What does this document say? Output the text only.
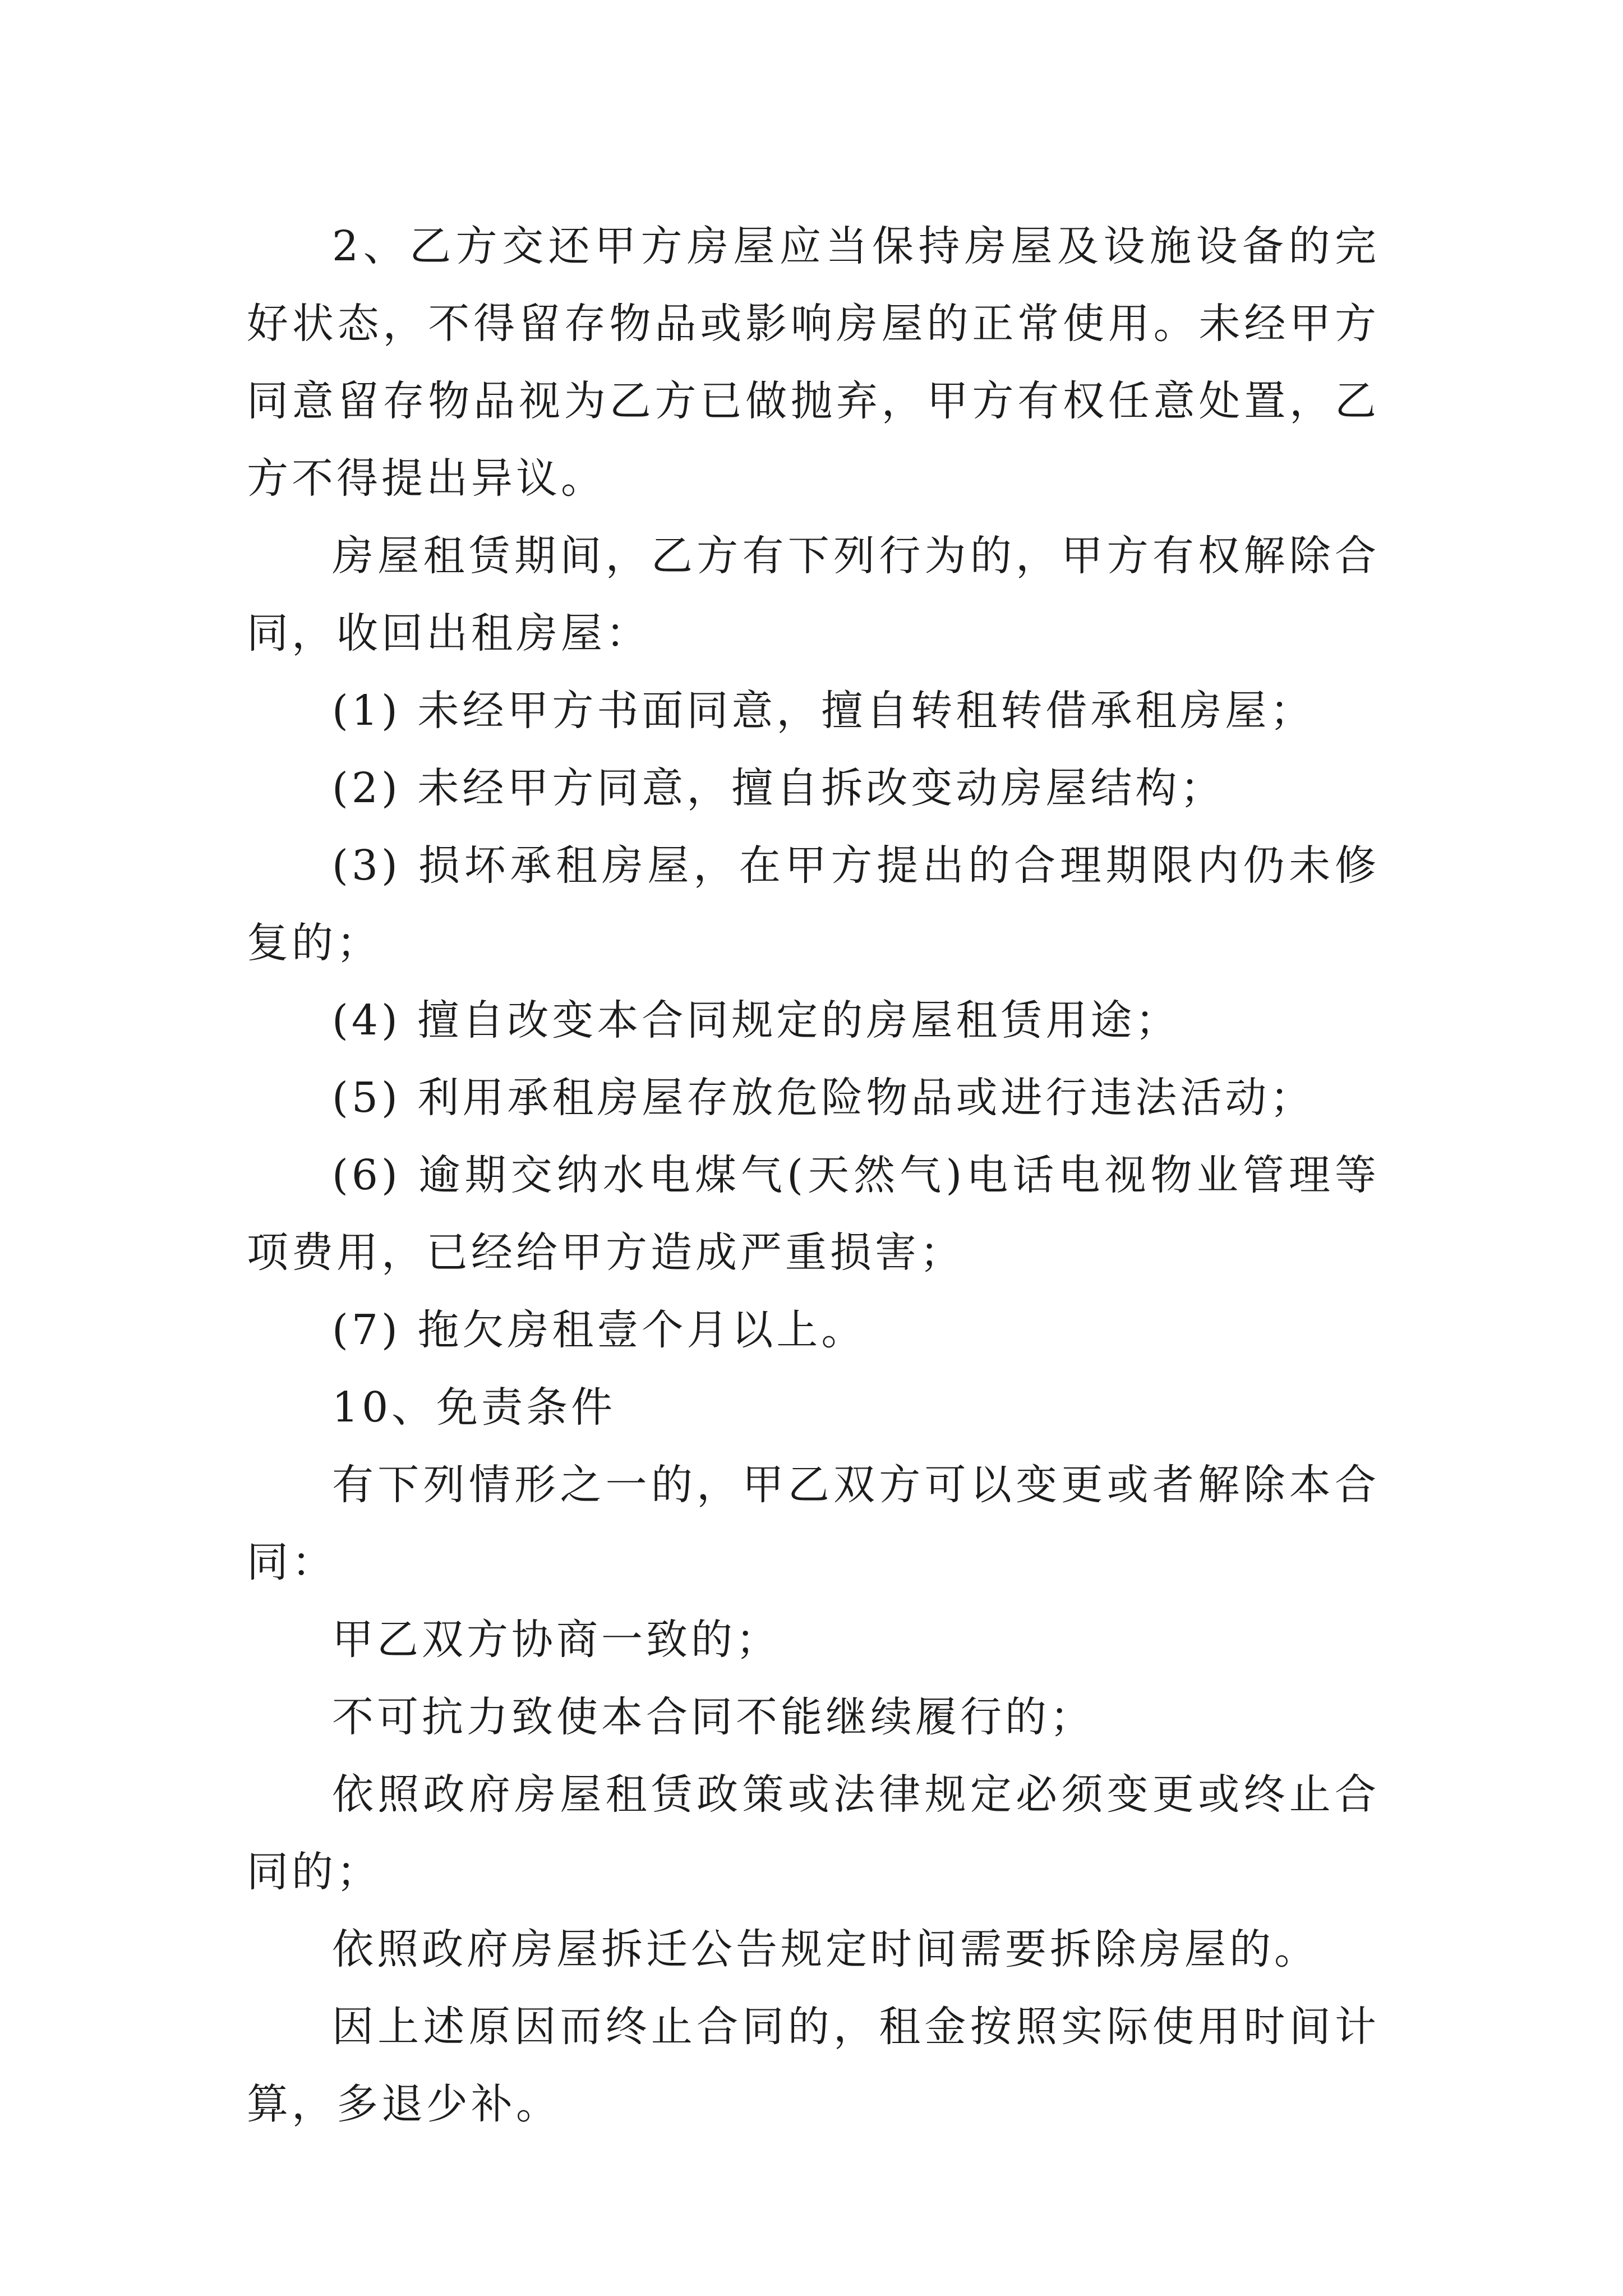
2、乙方交还甲方房屋应当保持房屋及设施设备的完好状态，不得留存物品或影响房屋的正常使用。未经甲方同意留存物品视为乙方已做抛弃，甲方有权任意处置，乙方不得提出异议。

房屋租赁期间，乙方有下列行为的，甲方有权解除合同，收回出租房屋：

(1) 未经甲方书面同意，擅自转租转借承租房屋；

(2) 未经甲方同意，擅自拆改变动房屋结构；

(3) 损坏承租房屋，在甲方提出的合理期限内仍未修复的；

(4) 擅自改变本合同规定的房屋租赁用途；

(5) 利用承租房屋存放危险物品或进行违法活动；

(6) 逾期交纳水电煤气(天然气)电话电视物业管理等项费用，已经给甲方造成严重损害；

(7) 拖欠房租壹个月以上。

10、免责条件

有下列情形之一的，甲乙双方可以变更或者解除本合同：

甲乙双方协商一致的；

不可抗力致使本合同不能继续履行的；

依照政府房屋租赁政策或法律规定必须变更或终止合同的；

依照政府房屋拆迁公告规定时间需要拆除房屋的。

因上述原因而终止合同的，租金按照实际使用时间计算，多退少补。
